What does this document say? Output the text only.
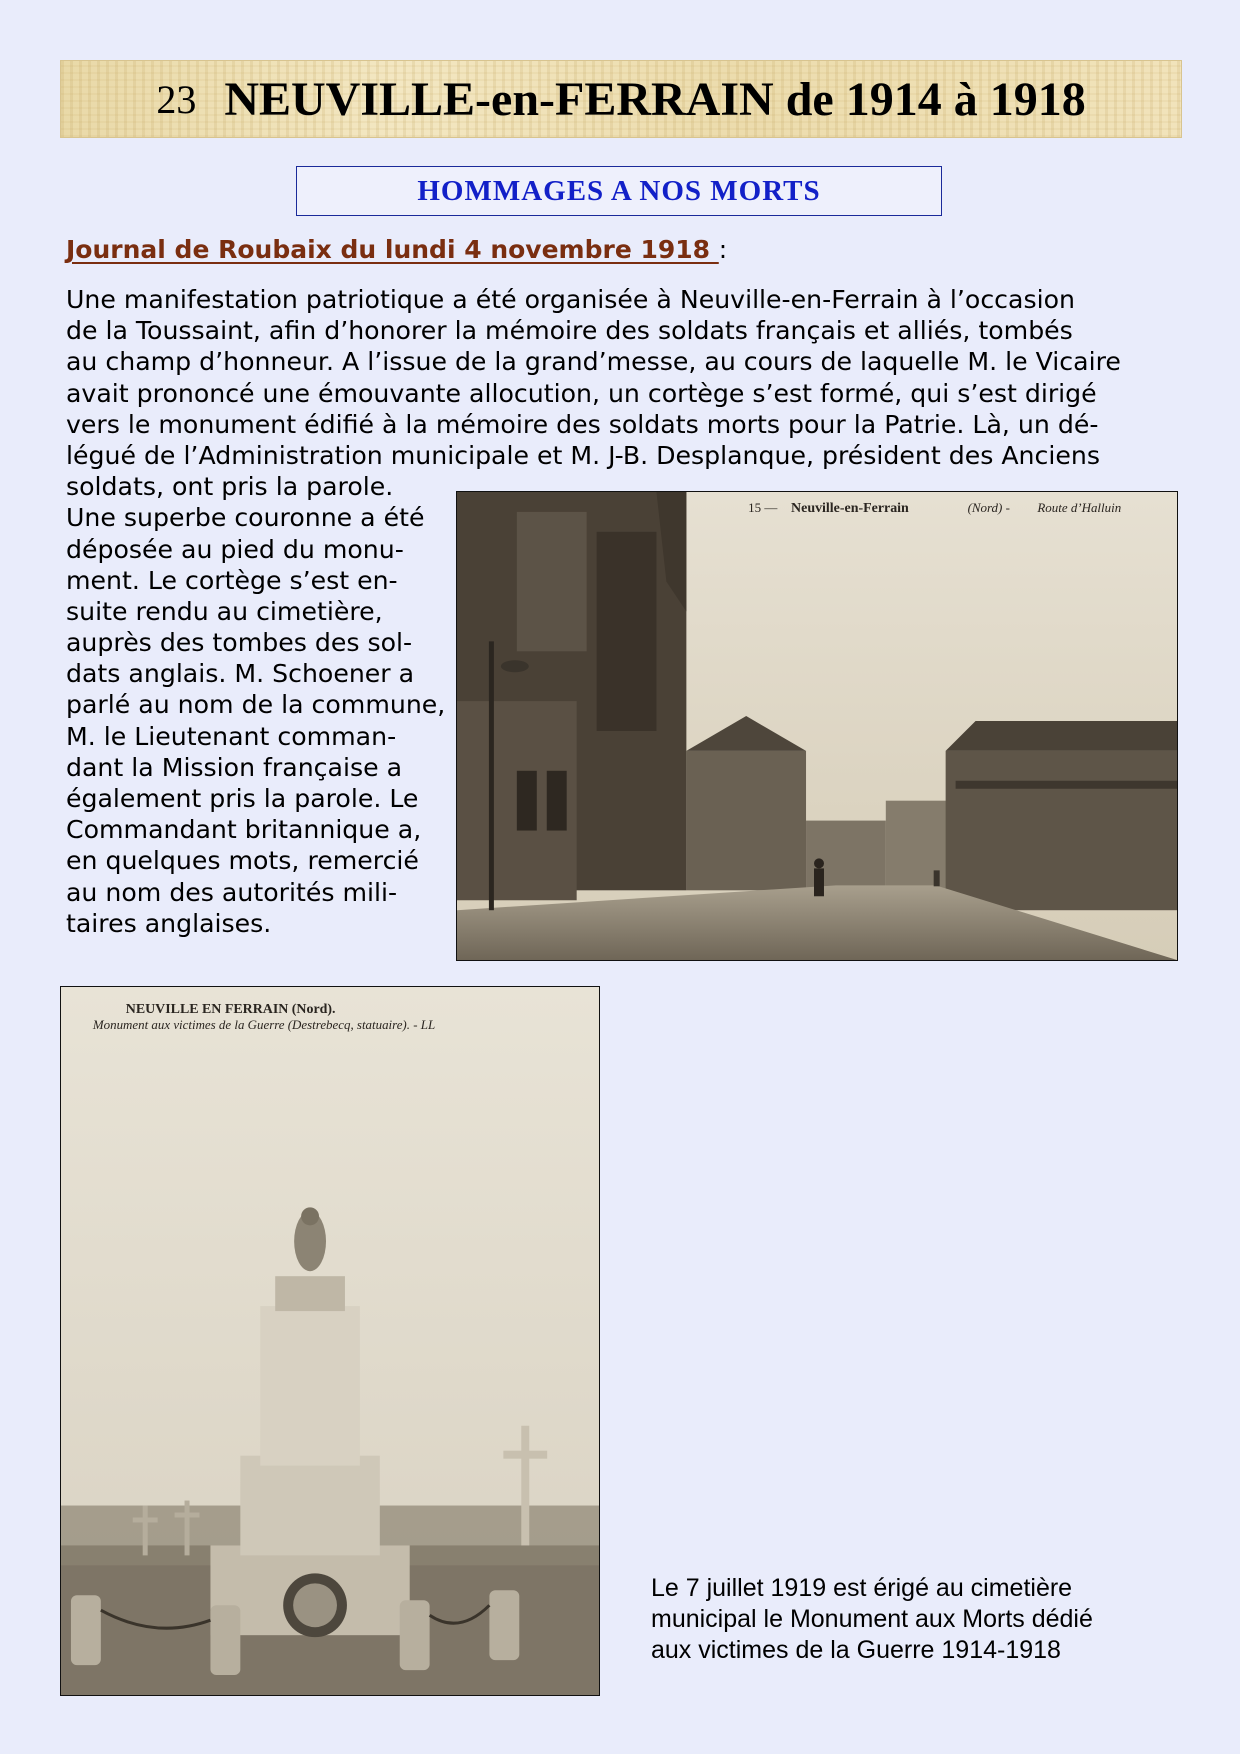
23 NEUVILLE-en-FERRAIN de 1914 à 1918
HOMMAGES A NOS MORTS
Journal de Roubaix du lundi 4 novembre 1918 :
Une manifestation patriotique a été organisée à Neuville-en-Ferrain à l’occasion
de la Toussaint, afin d’honorer la mémoire des soldats français et alliés, tombés
au champ d’honneur. A l’issue de la grand’messe, au cours de laquelle M. le Vicaire
avait prononcé une émouvante allocution, un cortège s’est formé, qui s’est dirigé
vers le monument édifié à la mémoire des soldats morts pour la Patrie. Là, un dé-
légué de l’Administration municipale et M. J-B. Desplanque, président des Anciens
soldats, ont pris la parole.
Une superbe couronne a été
déposée au pied du monu-
ment. Le cortège s’est en-
suite rendu au cimetière,
auprès des tombes des sol-
dats anglais. M. Schoener a
parlé au nom de la commune,
M. le Lieutenant comman-
dant la Mission française a
également pris la parole. Le
Commandant britannique a,
en quelques mots, remercié
au nom des autorités mili-
taires anglaises.
15 — Neuville-en-Ferrain	(Nord) - Route d’Halluin
NEUVILLE EN FERRAIN (Nord).
Monument aux victimes de la Guerre (Destrebecq, statuaire). - LL
Le 7 juillet 1919 est érigé au cimetière
municipal le Monument aux Morts dédié
aux victimes de la Guerre 1914-1918
